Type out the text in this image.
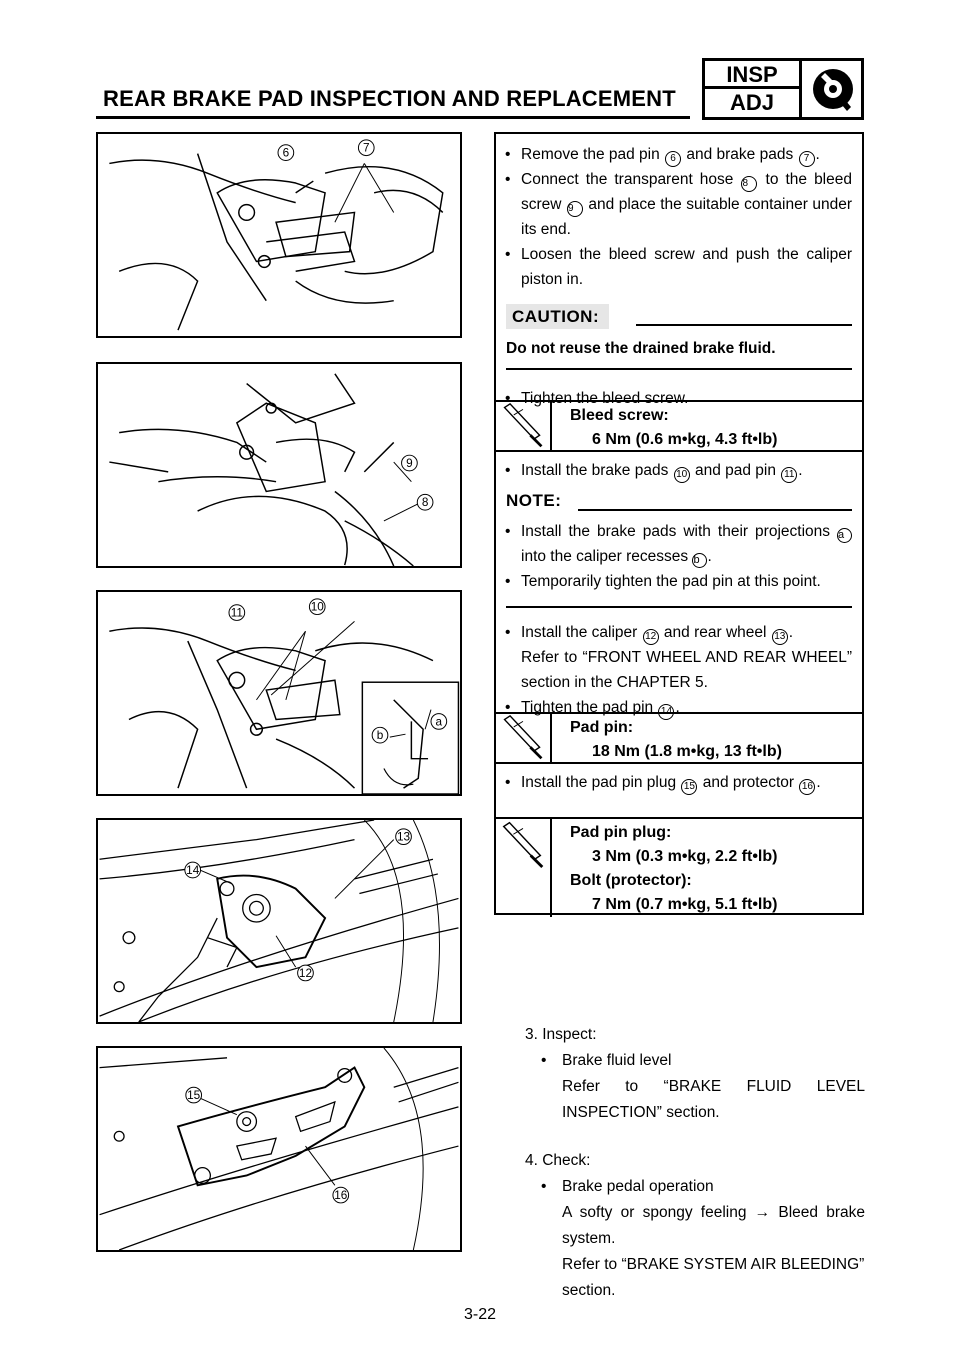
REAR BRAKE PAD INSPECTION AND REPLACEMENT
INSP
ADJ
6	7
9
8
11	10
a
b
13
14
12
15
16
• Remove the pad pin 6 and brake pads 7 .
• Connect the transparent hose 8 to the bleed screw 9 and place the suitable container under its end.
• Loosen the bleed screw and push the caliper piston in.
CAUTION:
Do not reuse the drained brake fluid.
• Tighten the bleed screw.
Bleed screw:
6 Nm (0.6 m•kg, 4.3 ft•lb)
• Install the brake pads 10 and pad pin 11 .
NOTE:
• Install the brake pads with their projections a into the caliper recesses b .
• Temporarily tighten the pad pin at this point.
• Install the caliper 12 and rear wheel 13 .
Refer to “FRONT WHEEL AND REAR WHEEL” section in the CHAPTER 5.
• Tighten the pad pin 14 .
Pad pin:
18 Nm (1.8 m•kg, 13 ft•lb)
• Install the pad pin plug 15 and protector 16 .
Pad pin plug:
3 Nm (0.3 m•kg, 2.2 ft•lb)
Bolt (protector):
7 Nm (0.7 m•kg, 5.1 ft•lb)
3. Inspect:
• Brake fluid level
Refer to “BRAKE FLUID LEVEL INSPECTION” section.
4. Check:
• Brake pedal operation
A softy or spongy feeling → Bleed brake system.
Refer to “BRAKE SYSTEM AIR BLEEDING” section.
3-22
